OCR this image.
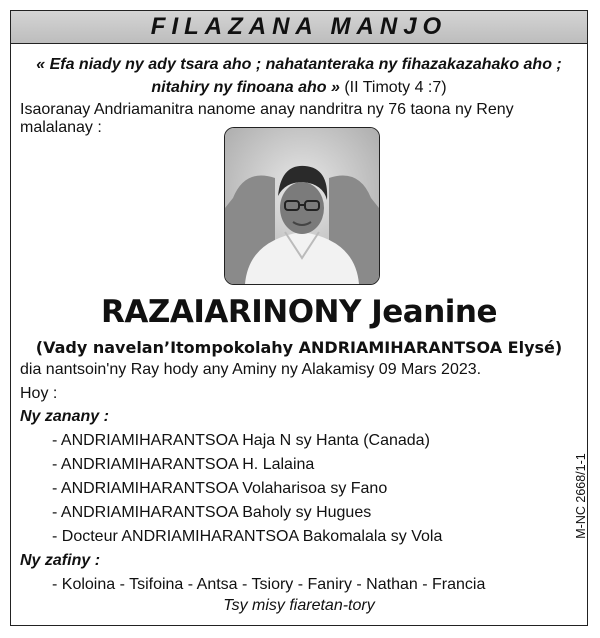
FILAZANA MANJO
« Efa niady ny ady tsara aho ; nahatanteraka ny fihazakazahako aho ;
nitahiry ny finoana aho » (II Timoty 4 :7)
Isaoranay Andriamanitra nanome anay nandritra ny 76 taona ny Reny malalanay :
RAZAIARINONY Jeanine
(Vady navelan’Itompokolahy ANDRIAMIHARANTSOA Elysé)
dia nantsoin'ny Ray hody any Aminy ny Alakamisy 09 Mars 2023.
Hoy :
Ny zanany :
- ANDRIAMIHARANTSOA Haja N sy Hanta (Canada)
- ANDRIAMIHARANTSOA H. Lalaina
- ANDRIAMIHARANTSOA Volaharisoa sy Fano
- ANDRIAMIHARANTSOA Baholy sy Hugues
- Docteur ANDRIAMIHARANTSOA Bakomalala sy Vola
Ny zafiny :
- Koloina - Tsifoina - Antsa - Tsiory - Faniry - Nathan - Francia
Tsy misy fiaretan-tory
M-NC 2668/1-1
